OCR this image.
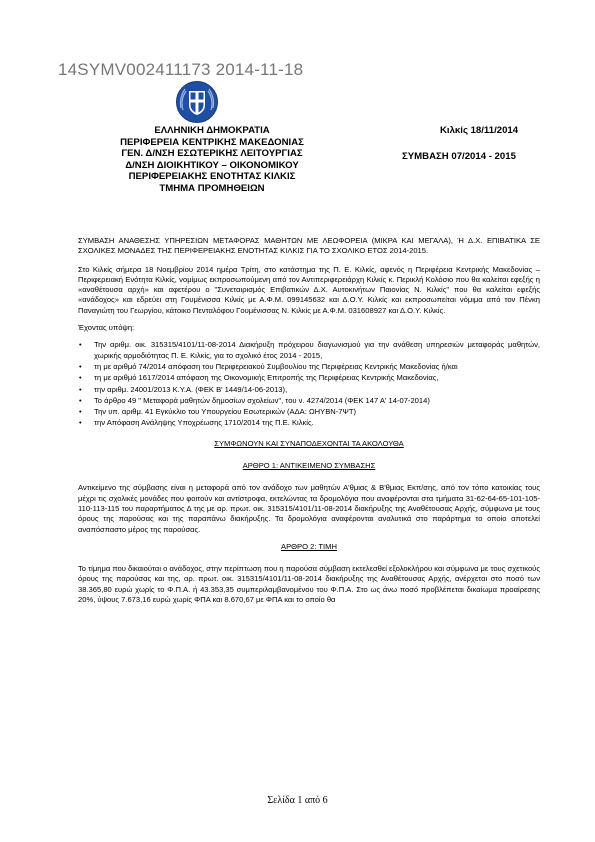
14SYMV002411173 2014-11-18
ΕΛΛΗΝΙΚΗ ΔΗΜΟΚΡΑΤΙΑ
ΠΕΡΙΦΕΡΕΙΑ ΚΕΝΤΡΙΚΗΣ ΜΑΚΕΔΟΝΙΑΣ
ΓΕΝ. Δ/ΝΣΗ ΕΣΩΤΕΡΙΚΗΣ ΛΕΙΤΟΥΡΓΙΑΣ
Δ/ΝΣΗ ΔΙΟΙΚΗΤΙΚΟΥ – ΟΙΚΟΝΟΜΙΚΟΥ
ΠΕΡΙΦΕΡΕΙΑΚΗΣ ΕΝΟΤΗΤΑΣ ΚΙΛΚΙΣ
ΤΜΗΜΑ ΠΡΟΜΗΘΕΙΩΝ
Κιλκίς 18/11/2014
ΣΥΜΒΑΣΗ 07/2014 - 2015

ΣΥΜΒΑΣΗ ΑΝΑΘΕΣΗΣ ΥΠΗΡΕΣΙΩΝ ΜΕΤΑΦΟΡΑΣ ΜΑΘΗΤΩΝ ΜΕ ΛΕΩΦΟΡΕΙΑ (ΜΙΚΡΑ ΚΑΙ ΜΕΓΑΛΑ), Ή Δ.Χ. ΕΠΙΒΑΤΙΚΑ ΣΕ ΣΧΟΛΙΚΕΣ ΜΟΝΑΔΕΣ ΤΗΣ ΠΕΡΙΦΕΡΕΙΑΚΗΣ ΕΝΟΤΗΤΑΣ ΚΙΛΚΙΣ ΓΙΑ ΤΟ ΣΧΟΛΙΚΟ ΕΤΟΣ 2014-2015.

Στο Κιλκίς σήμερα 18 Νοεμβρίου 2014 ημέρα Τρίτη, στο κατάστημα της Π. Ε. Κιλκίς, αφενός η Περιφέρεια Κεντρικής Μακεδονίας – Περιφερειακή Ενότητα Κιλκίς, νομίμως εκπροσωπούμενη από τον Αντιπεριφερειάρχη Κιλκίς κ. Περικλή Κολόσιο που θα καλείται εφεξής η «αναθέτουσα αρχή» και αφετέρου ο "Συνεταιρισμός Επιβατικών Δ.Χ. Αυτοκινήτων Παιονίας Ν. Κιλκίς" που θα καλείται εφεξής «ανάδοχος» και εδρεύει στη Γουμένισσα Κιλκίς με Α.Φ.Μ. 099145632 και Δ.Ο.Υ. Κιλκίς και εκπροσωπείται νόμιμα από τον Πένκη Παναγιώτη του Γεωργίου, κάτοικο Πενταλόφου Γουμένισσας Ν. Κιλκίς με Α.Φ.Μ. 031608927 και Δ.Ο.Υ. Κιλκίς.

Έχοντας υπόψη:

• Την αριθμ. οικ. 315315/4101/11-08-2014 Διακήρυξη πρόχειρου διαγωνισμού για την ανάθεση υπηρεσιών μεταφοράς μαθητών, χωρικής αρμοδιότητας Π. Ε. Κιλκίς, για το σχολικό έτος 2014 - 2015,
• τη με αριθμό 74/2014 απόφαση του Περιφερειακού Συμβουλίου της Περιφέρειας Κεντρικής Μακεδονίας ή/και
• τη με αριθμό 1617/2014 απόφαση της Οικονομικής Επιτροπής της Περιφέρειας Κεντρικής Μακεδονίας,
• την αριθμ. 24001/2013 Κ.Υ.Α. (ΦΕΚ Β' 1449/14-06-2013),
• Το άρθρο 49 " Μεταφορά μαθητών δημοσίων σχολείων", του ν. 4274/2014 (ΦΕΚ 147 Α' 14-07-2014)
• Την υπ. αριθμ. 41 Εγκύκλιο του Υπουργείου Εσωτερικών (ΑΔΑ: ΩΗΥΒΝ-7ΨΤ)
• την Απόφαση Ανάληψης Υποχρέωσης 1710/2014 της Π.Ε. Κιλκίς.
ΣΥΜΦΩΝΟΥΝ ΚΑΙ ΣΥΝΑΠΟΔΕΧΟΝΤΑΙ ΤΑ ΑΚΟΛΟΥΘΑ
ΑΡΘΡΟ 1: ΑΝΤΙΚΕΙΜΕΝΟ ΣΥΜΒΑΣΗΣ

Αντικείμενο της σύμβασης είναι η μεταφορά από τον ανάδοχο των μαθητών Α'θμιας & Β'θμιας Εκπ/σης, από τον τόπο κατοικίας τους μέχρι τις σχολικές μονάδες που φοιτούν και αντίστροφα, εκτελώντας τα δρομολόγια που αναφέρονται στα τμήματα 31-62-64-65-101-105-110-113-115 του παραρτήματος Δ της με αρ. πρωτ. οικ. 315315/4101/11-08-2014 διακήρυξης της Αναθέτουσας Αρχής, σύμφωνα με τους όρους της παρούσας και της παραπάνω διακήρυξης. Τα δρομολόγια αναφέρονται αναλυτικά στο παράρτημα το οποίο αποτελεί αναπόσπαστο μέρος της παρούσας.

ΑΡΘΡΟ 2: ΤΙΜΗ

Το τίμημα που δικαιούται ο ανάδοχος, στην περίπτωση που η παρούσα σύμβαση εκτελεσθεί εξολοκλήρου και σύμφωνα με τους σχετικούς όρους της παρούσας και της, αρ. πρωτ. οικ. 315315/4101/11-08-2014 διακήρυξης της Αναθέτουσας Αρχής, ανέρχεται στο ποσό των 38.365,80 ευρώ χωρίς το Φ.Π.Α. ή 43.353,35 συμπεριλαμβανομένου του Φ.Π.Α. Στο ως άνω ποσό προβλέπεται δικαίωμα προαίρεσης 20%, ύψους 7.673,16 ευρώ χωρίς ΦΠΑ και 8.670,67 με ΦΠΑ και το οποίο θα

Σελίδα 1 από 6
